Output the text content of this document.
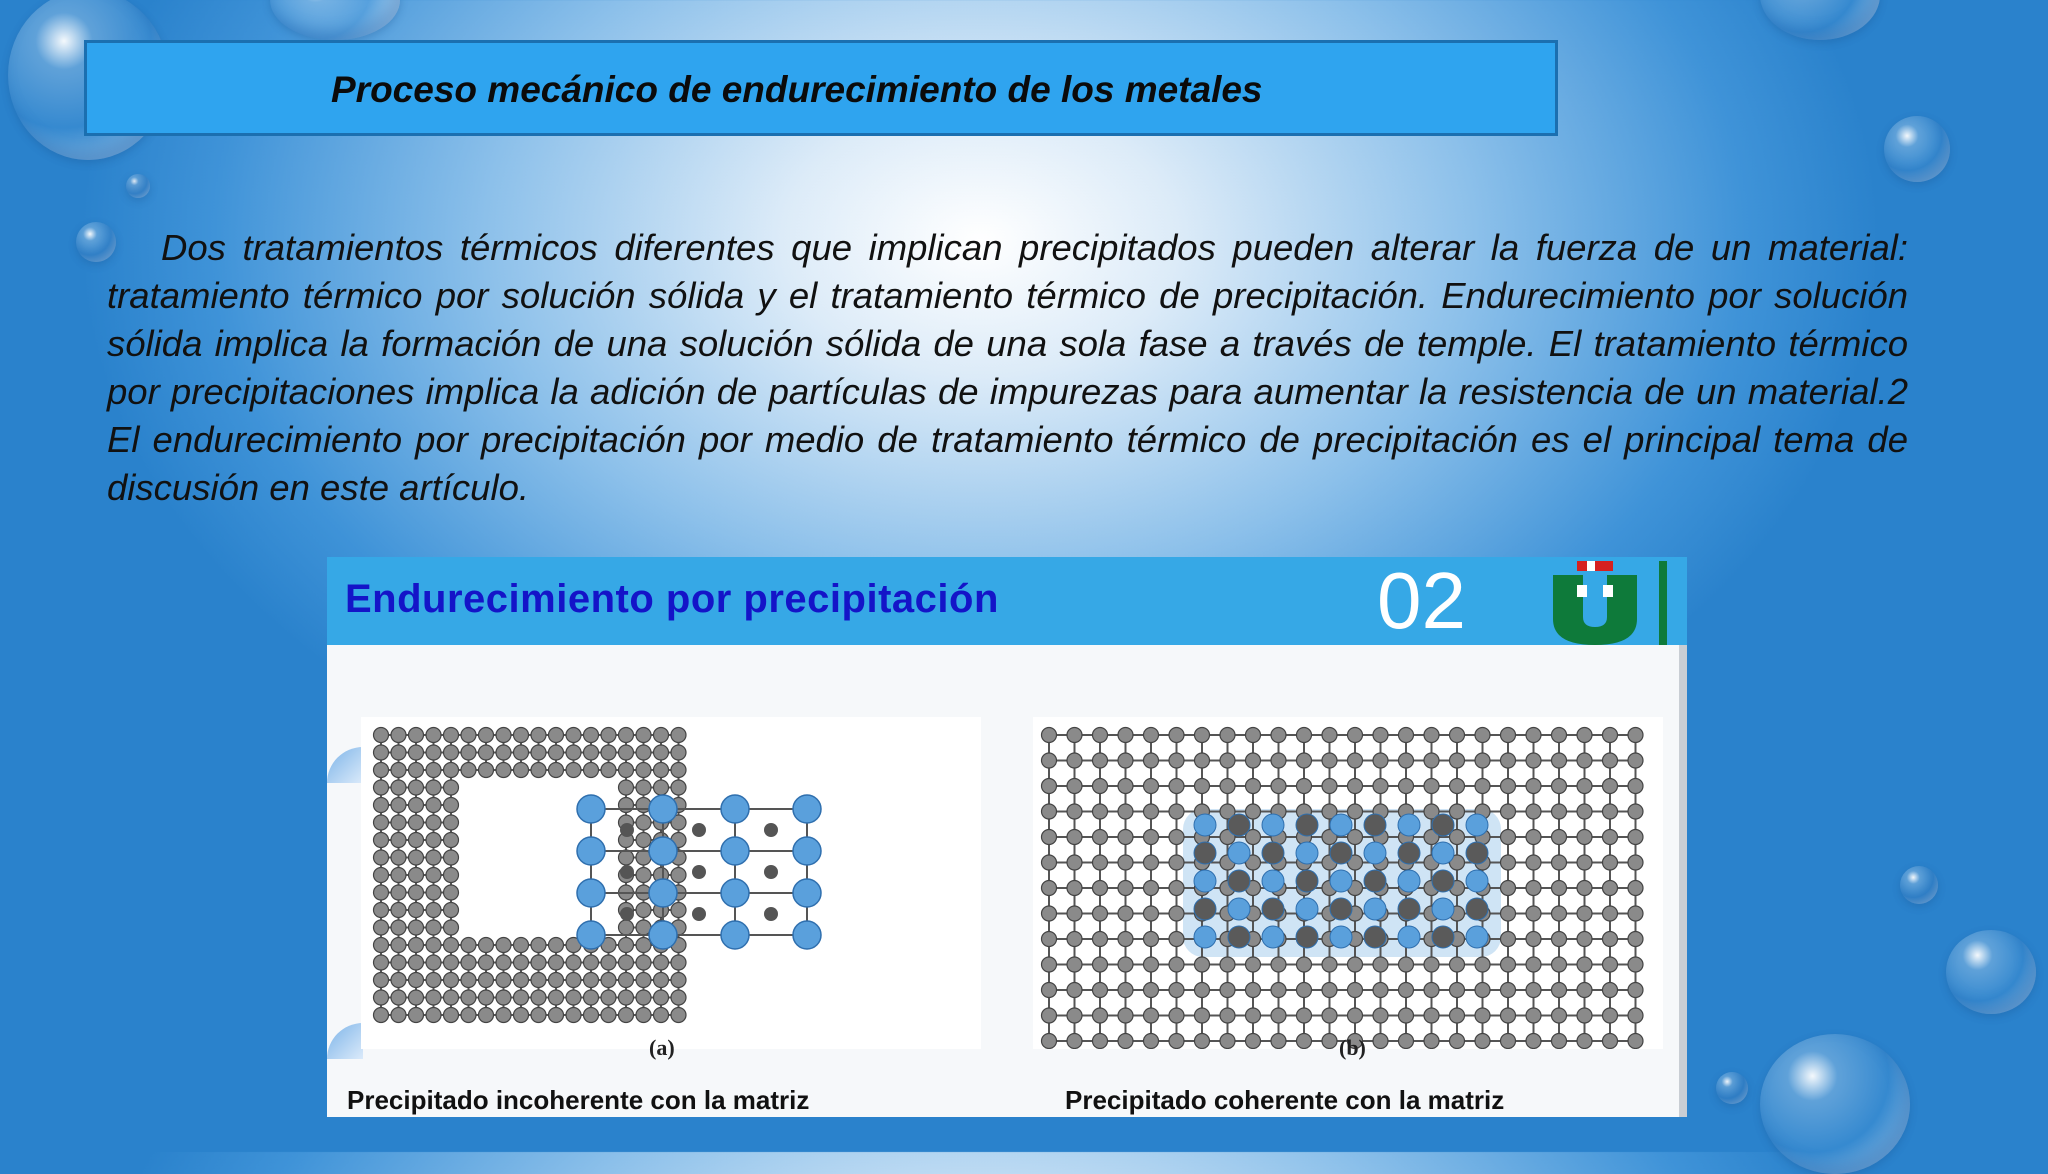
Proceso mecánico de endurecimiento de los metales
Dos tratamientos térmicos diferentes que implican precipitados pueden alterar la fuerza de un material: tratamiento térmico por solución sólida y el tratamiento térmico de precipitación. Endurecimiento por solución sólida implica la formación de una solución sólida de una sola fase a través de temple. El tratamiento térmico por precipitaciones implica la adición de partículas de impurezas para aumentar la resistencia de un material.2 El endurecimiento por precipitación por medio de tratamiento térmico de precipitación es el principal tema de discusión en este artículo.
Endurecimiento por precipitación	02
(a)	(b)
Precipitado incoherente con la matriz	Precipitado coherente con la matriz
